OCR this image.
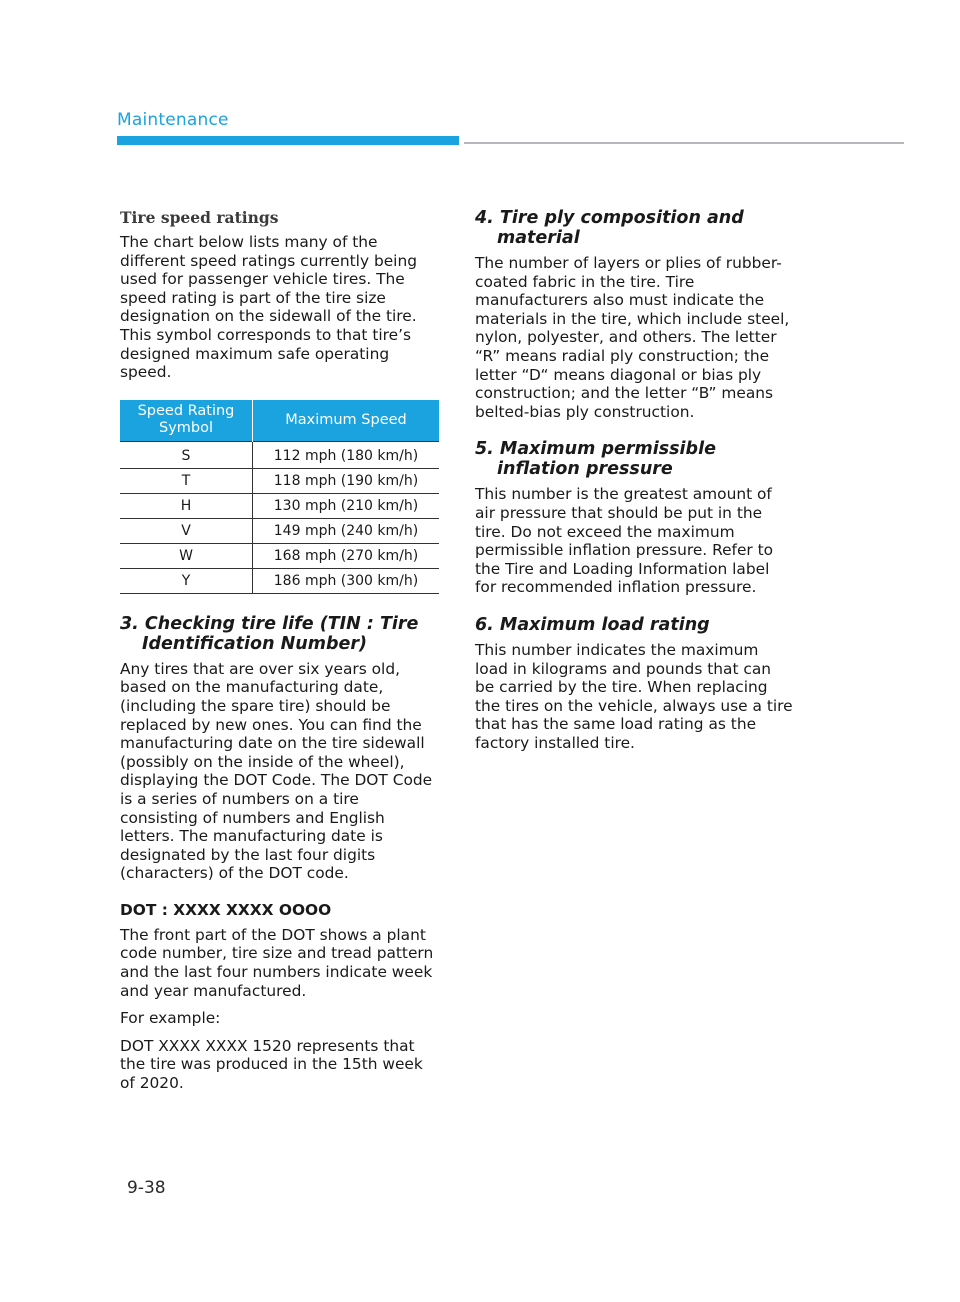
Maintenance
Tire speed ratings

The chart below lists many of the different speed ratings currently being used for passenger vehicle tires. The speed rating is part of the tire size designation on the sidewall of the tire. This symbol corresponds to that tire’s designed maximum safe operating speed.

Speed Rating Symbol	Maximum Speed
S	112 mph (180 km/h)
T	118 mph (190 km/h)
H	130 mph (210 km/h)
V	149 mph (240 km/h)
W	168 mph (270 km/h)
Y	186 mph (300 km/h)
3. Checking tire life (TIN : Tire Identification Number)

Any tires that are over six years old, based on the manufacturing date, (including the spare tire) should be replaced by new ones. You can find the manufacturing date on the tire sidewall (possibly on the inside of the wheel), displaying the DOT Code. The DOT Code is a series of numbers on a tire consisting of numbers and English letters. The manufacturing date is designated by the last four digits (characters) of the DOT code.

DOT : XXXX XXXX OOOO

The front part of the DOT shows a plant code number, tire size and tread pattern and the last four numbers indicate week and year manufactured.

For example:

DOT XXXX XXXX 1520 represents that the tire was produced in the 15th week of 2020.

4. Tire ply composition and material

The number of layers or plies of rubber-coated fabric in the tire. Tire manufacturers also must indicate the materials in the tire, which include steel, nylon, polyester, and others. The letter “R” means radial ply construction; the letter “D“ means diagonal or bias ply construction; and the letter “B” means belted-bias ply construction.

5. Maximum permissible inflation pressure

This number is the greatest amount of air pressure that should be put in the tire. Do not exceed the maximum permissible inflation pressure. Refer to the Tire and Loading Information label for recommended inflation pressure.

6. Maximum load rating

This number indicates the maximum load in kilograms and pounds that can be carried by the tire. When replacing the tires on the vehicle, always use a tire that has the same load rating as the factory installed tire.

9-38
